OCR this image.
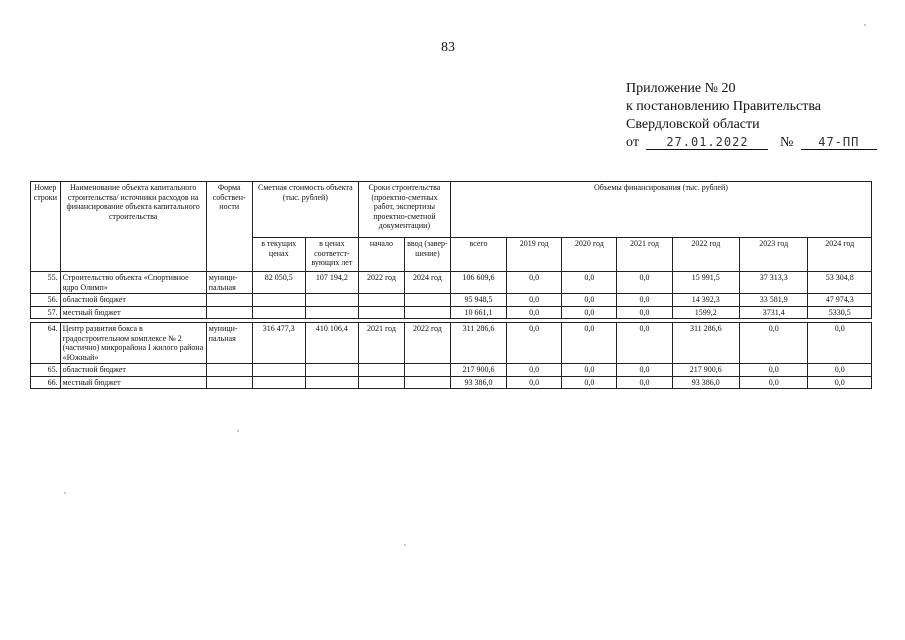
83
Приложение № 20
к постановлению Правительства
Свердловской области
от 27.01.2022 № 47-ПП
Номер строки	Наименование объекта капитального строительства/ источники расходов на финансирование объекта капитального строительства	Форма собствен-ности	Сметная стоимость объекта (тыс. рублей)		Сроки строительства (проектно-сметных работ, экспертизы проектно-сметной документации)		Объемы финансирования (тыс. рублей)						
			в текущих ценах	в ценах соответст-вующих лет	начало	ввод (завер-шение)	всего	2019 год	2020 год	2021 год	2022 год	2023 год	2024 год
55.	Строительство объекта «Спортивное ядро Олимп»	муници-пальная	82 050,5	107 194,2	2022 год	2024 год	106 609,6	0,0	0,0	0,0	15 991,5	37 313,3	53 304,8
56.	областной бюджет						95 948,5	0,0	0,0	0,0	14 392,3	33 581,9	47 974,3
57.	местный бюджет						10 661,1	0,0	0,0	0,0	1599,2	3731,4	5330,5

64.	Центр развития бокса в градостроительном комплексе № 2 (частично) микрорайона I жилого района «Южный»	муници-пальная	316 477,3	410 106,4	2021 год	2022 год	311 286,6	0,0	0,0	0,0	311 286,6	0,0	0,0
65.	областной бюджет						217 900,6	0,0	0,0	0,0	217 900,6	0,0	0,0
66.	местный бюджет						93 386,0	0,0	0,0	0,0	93 386,0	0,0	0,0
